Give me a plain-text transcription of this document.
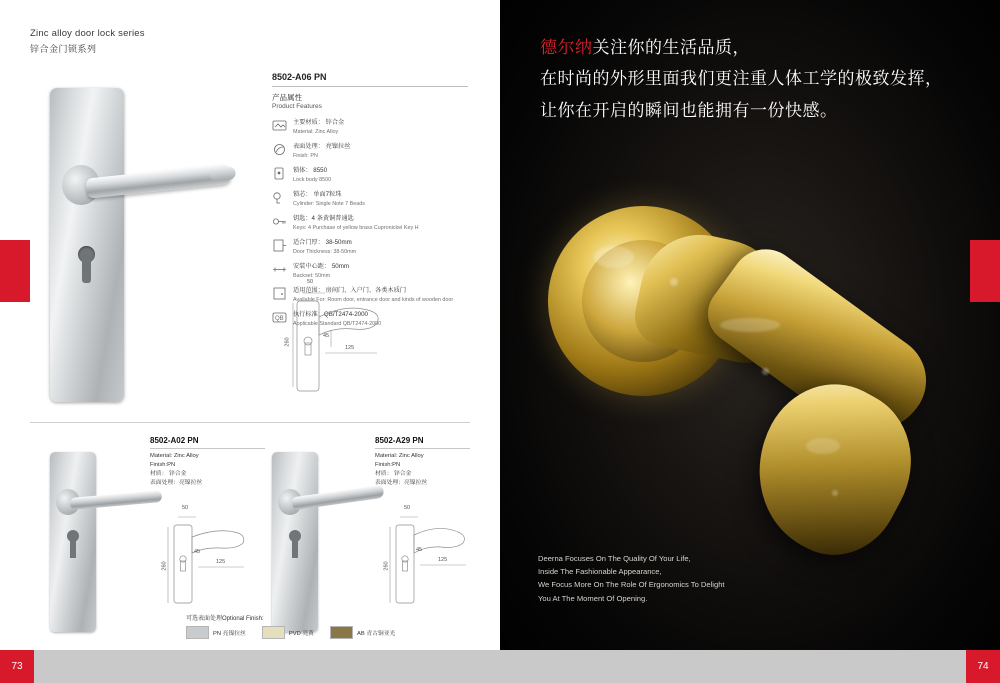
Zinc alloy door lock series
锌合金门锁系列
8502-A06 PN
产品属性
Product Features
主要材质： 锌合金
Material: Zinc Alloy
表面处理： 亮镍拉丝
Finish: PN
锁体： 8550
Lock body 8500
锁芯： 单面7粒珠
Cylinder: Single Note 7 Beads
钥匙：4 条黄铜普通匙
Keys: 4 Purchase of yellow brass Cupronickel Key H
适合门厚： 38-50mm
Door Thickness: 38-50mm
安装中心距： 50mm
Backset: 50mm
适用范围： 房间门、入户门、各类木质门
Available For: Room door, entrance door and kinds of wooden door
QB
执行标准：QB/T2474-2000
Applicable Standard QB/T2474-2000
50
260
45
125
8502-A02 PN
Material: Zinc Alloy
Finish:PN
材质： 锌合金
表面处理：亮镍拉丝
50
260
45
125
8502-A29 PN
Material: Zinc Alloy
Finish:PN
材质： 锌合金
表面处理：亮镍拉丝
50
260
45
125
可选表面处理Optional Finish:
PN 亮镍拉丝	PVD 亮黄	AB 青古铜亚光
73
德尔纳关注你的生活品质，
在时尚的外形里面我们更注重人体工学的极致发挥，
让你在开启的瞬间也能拥有一份快感。
Deerna Focuses On The Quality Of Your Life,
Inside The Fashionable Appearance,
We Focus More On The Role Of Ergonomics To Delight
You At The Moment Of Opening.
74
